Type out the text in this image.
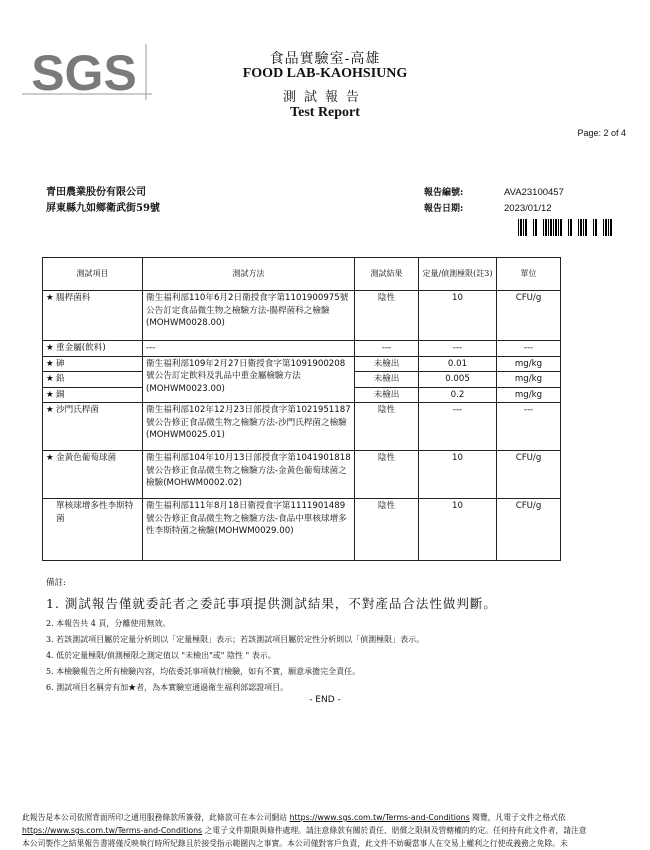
SGS	食品實驗室-高雄
FOOD LAB-KAOHSIUNG
測試報告
Test Report
Page: 2 of 4
青田農業股份有限公司
屏東縣九如鄉衛武街59號
報告編號:	AVA23100457
報告日期:	2023/01/12
測試項目	測試方法	測試結果	定量/偵測極限(註3)	單位
★ 腸桿菌科	衛生福利部110年6月2日衛授食字第1101900975號公告訂定食品微生物之檢驗方法-腸桿菌科之檢驗(MOHWM0028.00)	陰性	10	CFU/g
★ 重金屬(飲料)	---	---	---	---
★ 砷	衛生福利部109年2月27日衛授食字第1091900208號公告訂定飲料及乳品中重金屬檢驗方法(MOHWM0023.00)	未檢出	0.01	mg/kg
★ 鉛		未檢出	0.005	mg/kg
★ 銅		未檢出	0.2	mg/kg
★ 沙門氏桿菌	衛生福利部102年12月23日部授食字第1021951187號公告修正食品微生物之檢驗方法-沙門氏桿菌之檢驗(MOHWM0025.01)	陰性	---	---
★ 金黃色葡萄球菌	衛生福利部104年10月13日部授食字第1041901818號公告修正食品微生物之檢驗方法-金黃色葡萄球菌之檢驗(MOHWM0002.02)	陰性	10	CFU/g
單核球增多性李斯特菌	衛生福利部111年8月18日衛授食字第1111901489號公告修正食品微生物之檢驗方法-食品中單核球增多性李斯特菌之檢驗(MOHWM0029.00)	陰性	10	CFU/g
備註:
1. 測試報告僅就委託者之委託事項提供測試結果，不對產品合法性做判斷。
2. 本報告共 4 頁，分離使用無效。
3. 若該測試項目屬於定量分析則以「定量極限」表示；若該測試項目屬於定性分析則以「偵測極限」表示。
4. 低於定量極限/偵測極限之測定值以 "未檢出"或" 陰性 " 表示。
5. 本檢驗報告之所有檢驗內容，均依委託事項執行檢驗，如有不實，願意承擔完全責任。
6. 測試項目名稱旁有加★者，為本實驗室通過衛生福利部認證項目。
- END -
此報告是本公司依照背面所印之通用服務條款所簽發，此條款可在本公司網站 https://www.sgs.com.tw/Terms-and-Conditions 閱覽，凡電子文件之格式依
https://www.sgs.com.tw/Terms-and-Conditions 之電子文件期限與條件處理。請注意條款有關於責任、賠償之限制及管轄權的約定。任何持有此文件者，請注意
本公司製作之結果報告書將僅反映執行時所紀錄且於接受指示範圍內之事實。本公司僅對客戶負責，此文件不妨礙當事人在交易上權利之行使或義務之免除。未
